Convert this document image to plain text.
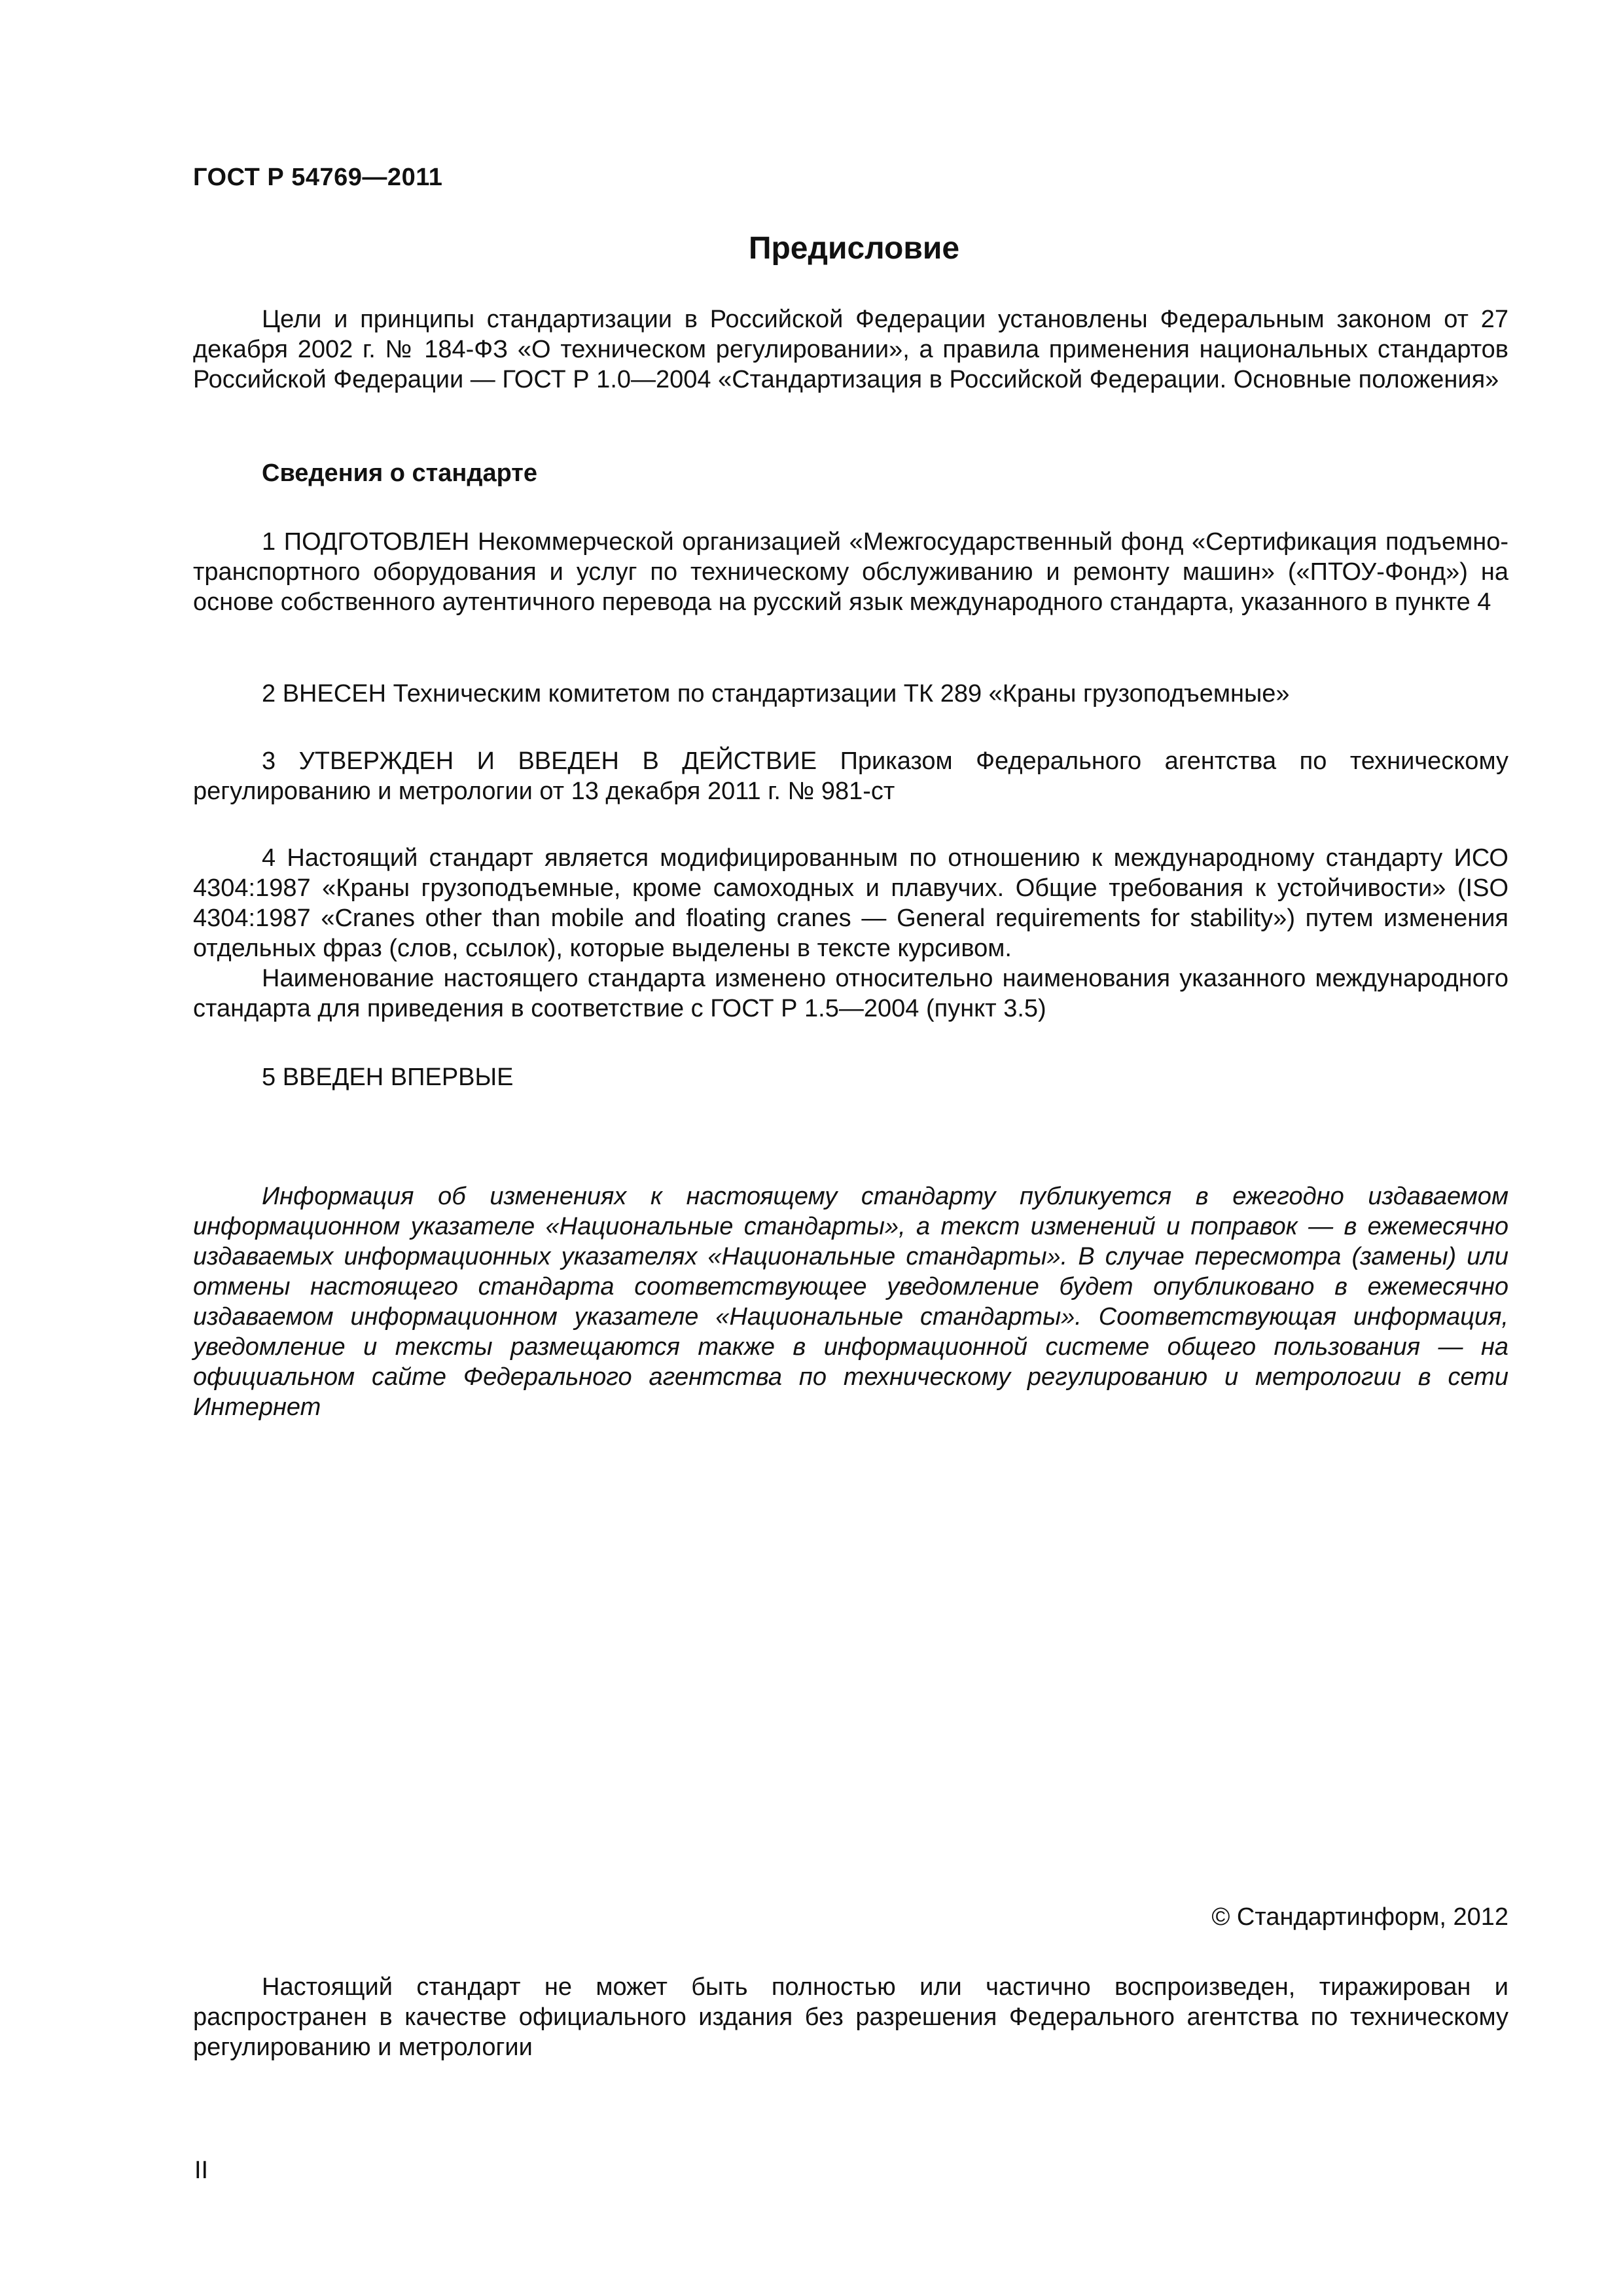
ГОСТ Р 54769—2011
Предисловие

Цели и принципы стандартизации в Российской Федерации установлены Федеральным законом от 27 декабря 2002 г. № 184-ФЗ «О техническом регулировании», а правила применения национальных стандартов Российской Федерации — ГОСТ Р 1.0—2004 «Стандартизация в Российской Федерации. Основные положения»

Сведения о стандарте

1 ПОДГОТОВЛЕН Некоммерческой организацией «Межгосударственный фонд «Сертификация подъемно-транспортного оборудования и услуг по техническому обслуживанию и ремонту машин» («ПТОУ-Фонд») на основе собственного аутентичного перевода на русский язык международного стандарта, указанного в пункте 4

2 ВНЕСЕН Техническим комитетом по стандартизации ТК 289 «Краны грузоподъемные»

3 УТВЕРЖДЕН И ВВЕДЕН В ДЕЙСТВИЕ Приказом Федерального агентства по техническому регулированию и метрологии от 13 декабря 2011 г. № 981-ст

4 Настоящий стандарт является модифицированным по отношению к международному стандарту ИСО 4304:1987 «Краны грузоподъемные, кроме самоходных и плавучих. Общие требования к устойчивости» (ISO 4304:1987 «Cranes other than mobile and floating cranes — General requirements for stability») путем изменения отдельных фраз (слов, ссылок), которые выделены в тексте курсивом.

Наименование настоящего стандарта изменено относительно наименования указанного международного стандарта для приведения в соответствие с ГОСТ Р 1.5—2004 (пункт 3.5)

5 ВВЕДЕН ВПЕРВЫЕ

Информация об изменениях к настоящему стандарту публикуется в ежегодно издаваемом информационном указателе «Национальные стандарты», а текст изменений и поправок — в ежемесячно издаваемых информационных указателях «Национальные стандарты». В случае пересмотра (замены) или отмены настоящего стандарта соответствующее уведомление будет опубликовано в ежемесячно издаваемом информационном указателе «Национальные стандарты». Соответствующая информация, уведомление и тексты размещаются также в информационной системе общего пользования — на официальном сайте Федерального агентства по техническому регулированию и метрологии в сети Интернет

© Стандартинформ, 2012

Настоящий стандарт не может быть полностью или частично воспроизведен, тиражирован и распространен в качестве официального издания без разрешения Федерального агентства по техническому регулированию и метрологии

II
